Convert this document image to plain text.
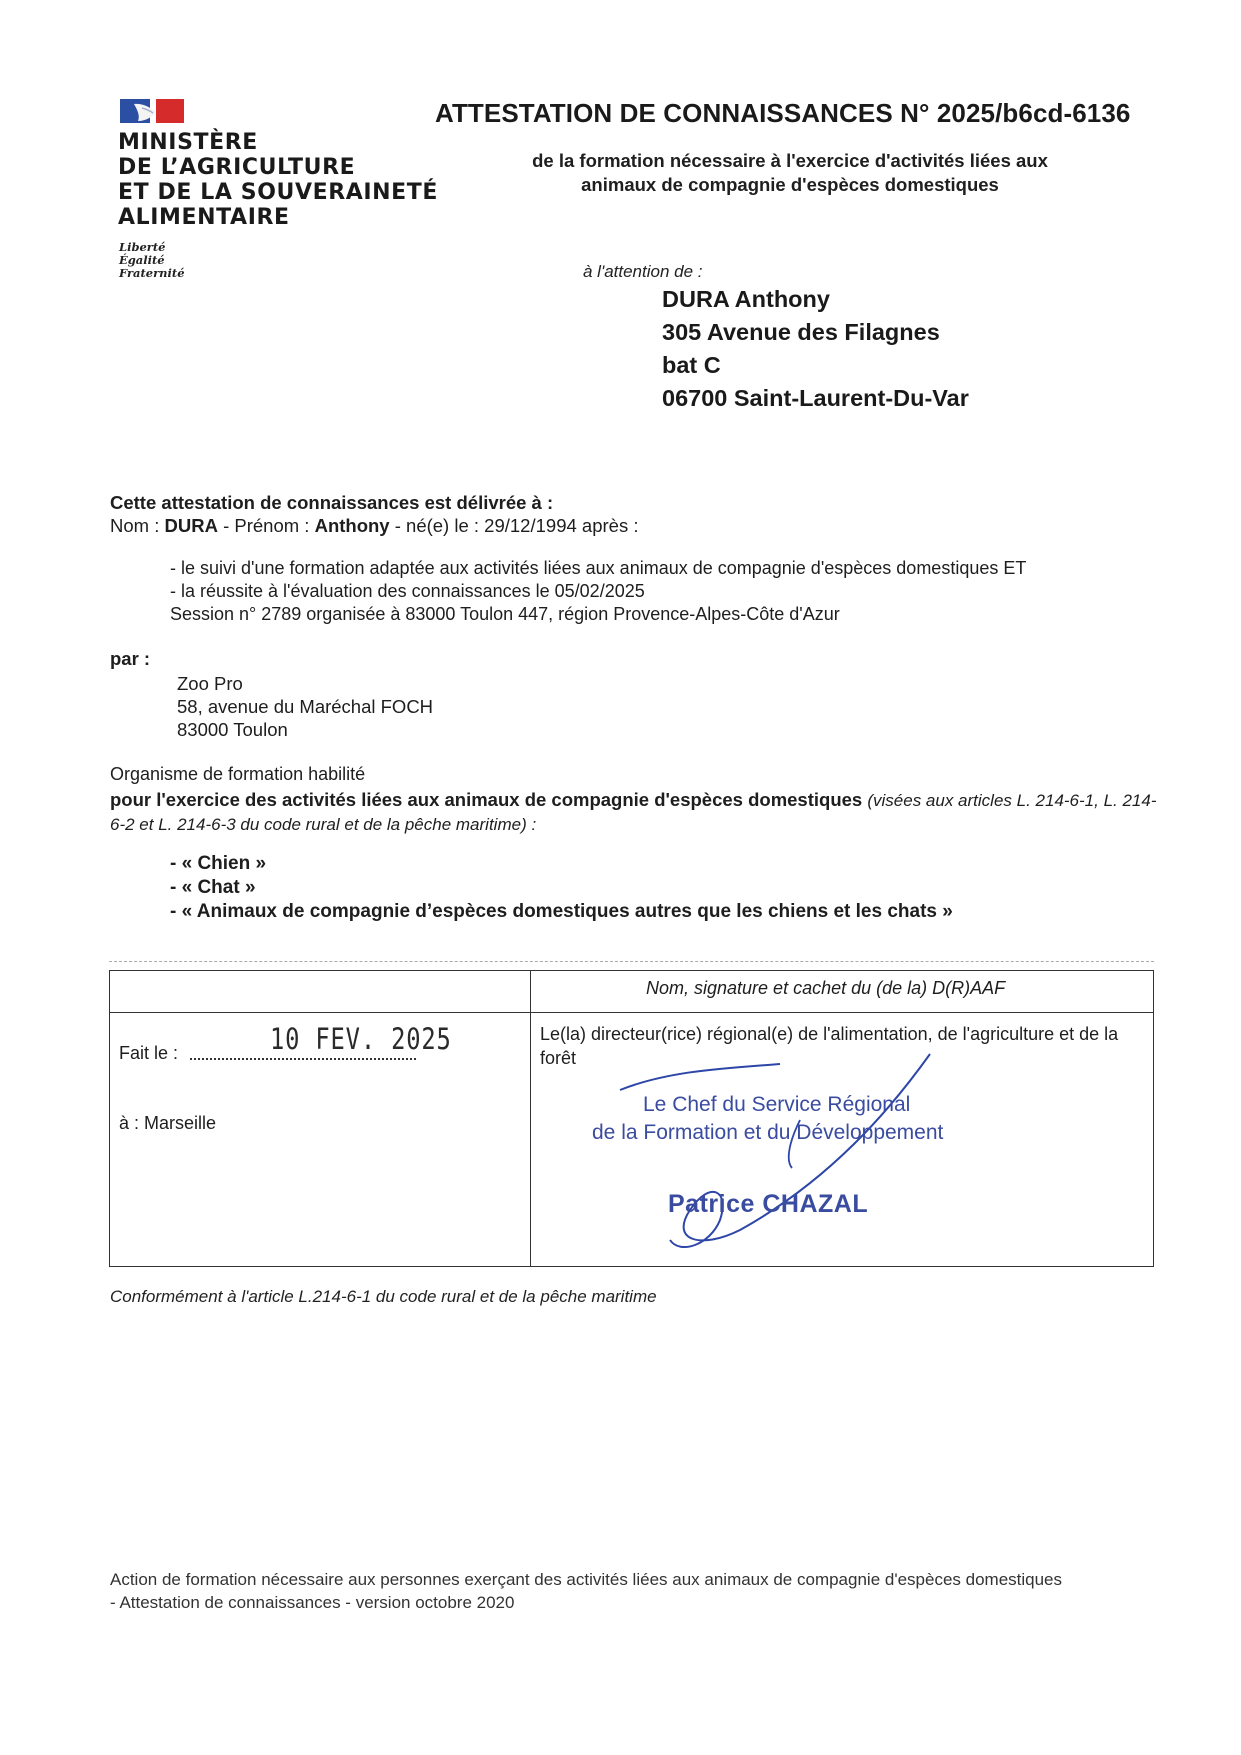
MINISTÈRE
DE L’AGRICULTURE
ET DE LA SOUVERAINETÉ
ALIMENTAIRE
Liberté
Égalité
Fraternité
ATTESTATION DE CONNAISSANCES N° 2025/b6cd-6136
de la formation nécessaire à l'exercice d'activités liées aux
animaux de compagnie d'espèces domestiques
à l'attention de :
DURA Anthony
305 Avenue des Filagnes
bat C
06700 Saint-Laurent-Du-Var
Cette attestation de connaissances est délivrée à :
Nom : DURA - Prénom : Anthony - né(e) le : 29/12/1994 après :
- le suivi d'une formation adaptée aux activités liées aux animaux de compagnie d'espèces domestiques ET
- la réussite à l'évaluation des connaissances le 05/02/2025
Session n° 2789 organisée à 83000 Toulon 447, région Provence-Alpes-Côte d'Azur
par :
Zoo Pro
58, avenue du Maréchal FOCH
83000 Toulon
Organisme de formation habilité
pour l'exercice des activités liées aux animaux de compagnie d'espèces domestiques (visées aux articles L. 214-6-1, L. 214-6-2 et L. 214-6-3 du code rural et de la pêche maritime) :
- « Chien »
- « Chat »
- « Animaux de compagnie d’espèces domestiques autres que les chiens et les chats »
Nom, signature et cachet du (de la) D(R)AAF
Fait le :	10 FEV. 2025
à : Marseille
Le(la) directeur(rice) régional(e) de l'alimentation, de l'agriculture et de la forêt
Le Chef du Service Régional
de la Formation et du Développement
Patrice CHAZAL
Conformément à l'article L.214-6-1 du code rural et de la pêche maritime
Action de formation nécessaire aux personnes exerçant des activités liées aux animaux de compagnie d'espèces domestiques
- Attestation de connaissances - version octobre 2020
